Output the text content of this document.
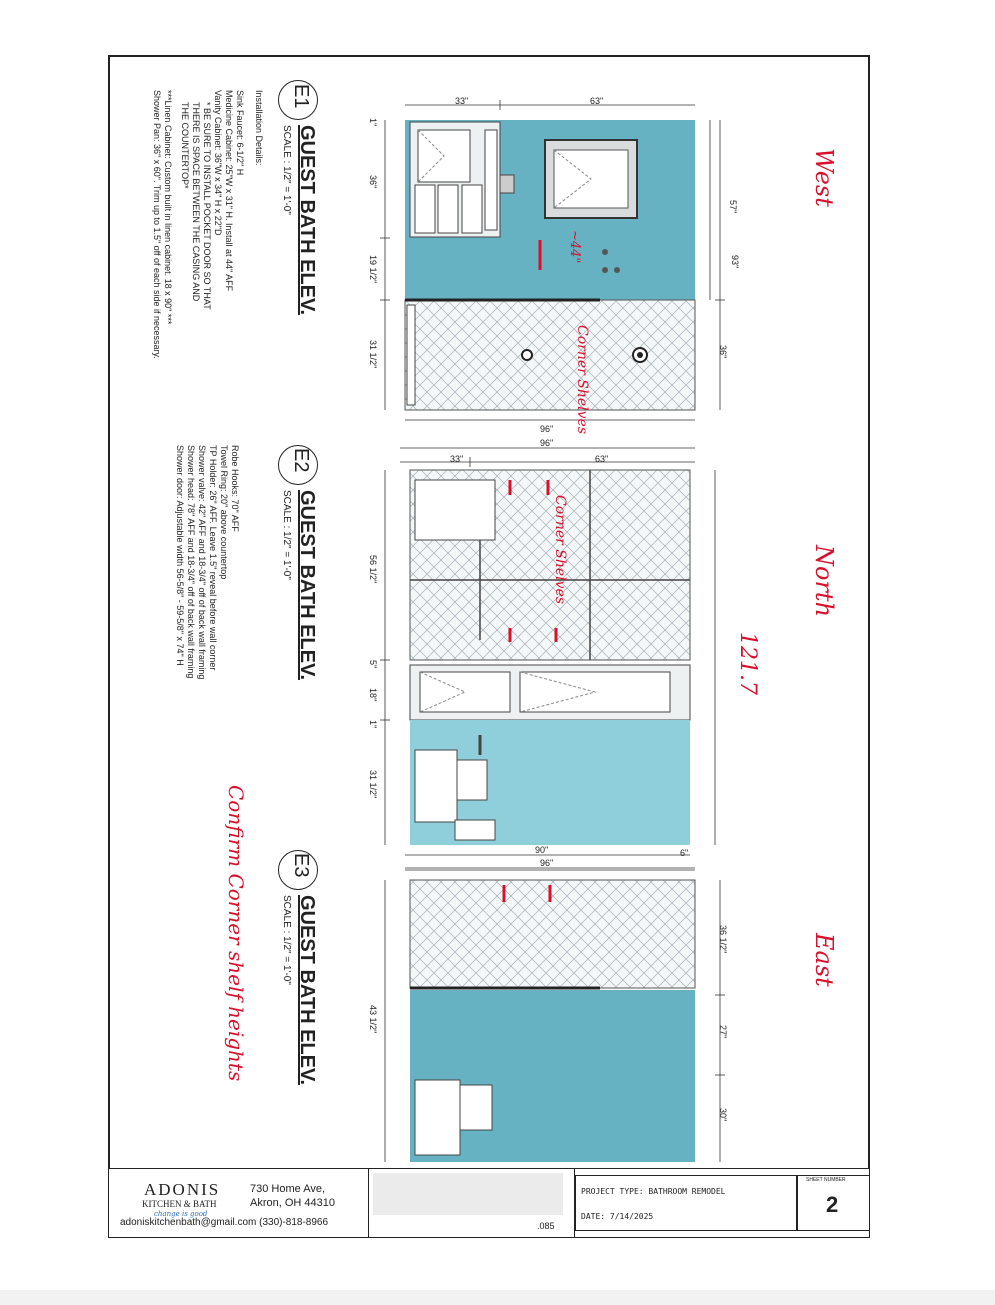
33"	63"
57"
93"
36"
1"
36"
19 1/2"
31 1/2"
96"
96"
33"	63"
56 1/2"
5"
18"
1"
31 1/2"
90"	6"
96"
36 1/2"
27"
30"
43 1/2"
E1
GUEST BATH ELEV.
SCALE : 1/2" = 1'-0"
E2
GUEST BATH ELEV.
SCALE : 1/2" = 1'-0"
E3
GUEST BATH ELEV.
SCALE : 1/2" = 1'-0"
Installation Details:
Sink Faucet: 6-1/2" H
Medicine Cabinet: 25"W x 31" H. Install at 44" AFF
Vanity Cabinet: 36"W x 34" H x 22"D
* BE SURE TO INSTALL POCKET DOOR SO THAT
THERE IS SPACE BETWEEN THE CASING AND
THE COUNTERTOP*
***Linen Cabinet: Custom built in linen cabinet. 18 x 90" ***
Shower Pan: 36" x 60". Trim up to 1.5" off of each side if necessary.
Robe Hooks: 70" AFF
Towel Ring: 20" above countertop
TP Holder: 26" AFF. Leave 1.5" reveal before wall corner
Shower valve: 42" AFF and 18-3/4" off of back wall framing
Shower head: 78" AFF and 18-3/4" off of back wall framing
Shower door: Adjustable width 56-5/8" - 59-5/8" x 74" H
West
North
East
121.7
Corner Shelves
Corner Shelves
~44"
Confirm Corner shelf heights
ADONIS
KITCHEN & BATH
change is good
730 Home Ave,
Akron, OH 44310
adoniskitchenbath@gmail.com (330)-818-8966	.085
PROJECT TYPE: BATHROOM REMODEL
DATE: 7/14/2025
SHEET NUMBER
2
